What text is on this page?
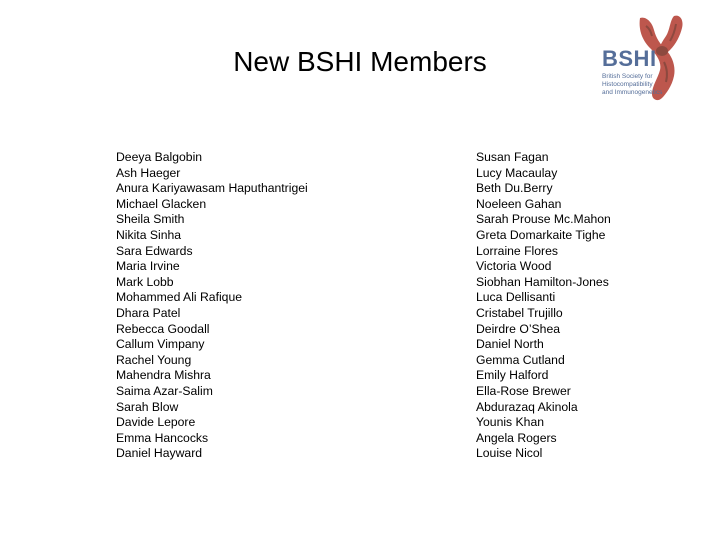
New BSHI Members	BSHI
British Society for
Histocompatibility
and Immunogenetics
Deeya Balgobin
Ash Haeger
Anura Kariyawasam Haputhantrigei
Michael Glacken
Sheila Smith
Nikita Sinha
Sara Edwards
Maria Irvine
Mark Lobb
Mohammed Ali Rafique
Dhara Patel
Rebecca Goodall
Callum Vimpany
Rachel Young
Mahendra Mishra
Saima Azar-Salim
Sarah Blow
Davide Lepore
Emma Hancocks
Daniel Hayward
Susan Fagan
Lucy Macaulay
Beth Du.Berry
Noeleen Gahan
Sarah Prouse Mc.Mahon
Greta Domarkaite Tighe
Lorraine Flores
Victoria Wood
Siobhan Hamilton-Jones
Luca Dellisanti
Cristabel Trujillo
Deirdre O’Shea
Daniel North
Gemma Cutland
Emily Halford
Ella-Rose Brewer
Abdurazaq Akinola
Younis Khan
Angela Rogers
Louise Nicol
